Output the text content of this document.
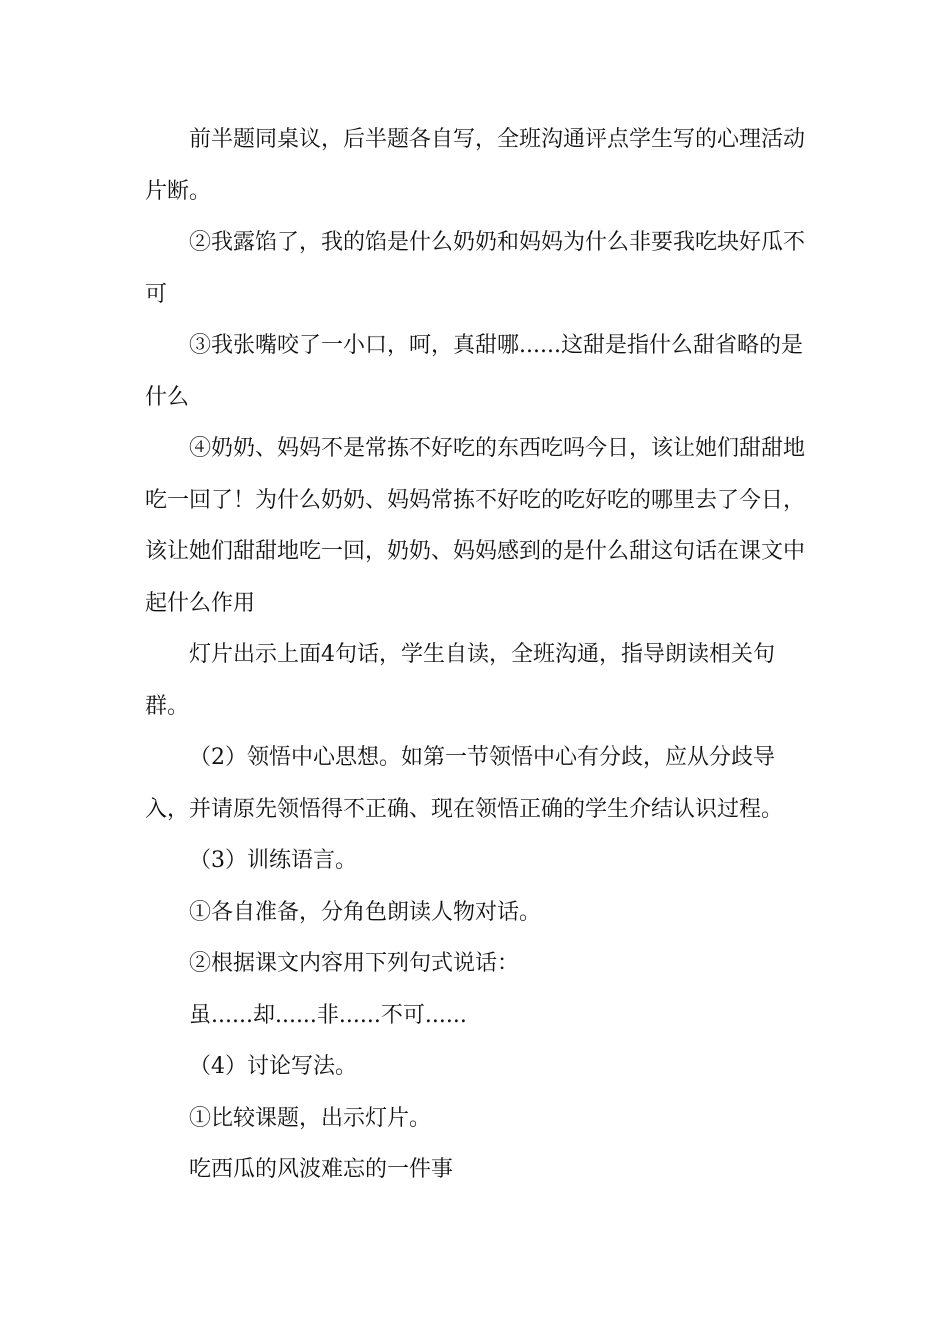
前半题同桌议，后半题各自写，全班沟通评点学生写的心理活动片断。

②我露馅了，我的馅是什么奶奶和妈妈为什么非要我吃块好瓜不可

③我张嘴咬了一小口，呵，真甜哪......这甜是指什么甜省略的是什么

④奶奶、妈妈不是常拣不好吃的东西吃吗今日，该让她们甜甜地吃一回了！为什么奶奶、妈妈常拣不好吃的吃好吃的哪里去了今日，该让她们甜甜地吃一回，奶奶、妈妈感到的是什么甜这句话在课文中起什么作用

灯片出示上面4句话，学生自读，全班沟通，指导朗读相关句群。

（2）领悟中心思想。如第一节领悟中心有分歧，应从分歧导入，并请原先领悟得不正确、现在领悟正确的学生介结认识过程。

（3）训练语言。

①各自准备，分角色朗读人物对话。

②根据课文内容用下列句式说话：

虽......却......非......不可......

（4）讨论写法。

①比较课题，出示灯片。

吃西瓜的风波难忘的一件事
